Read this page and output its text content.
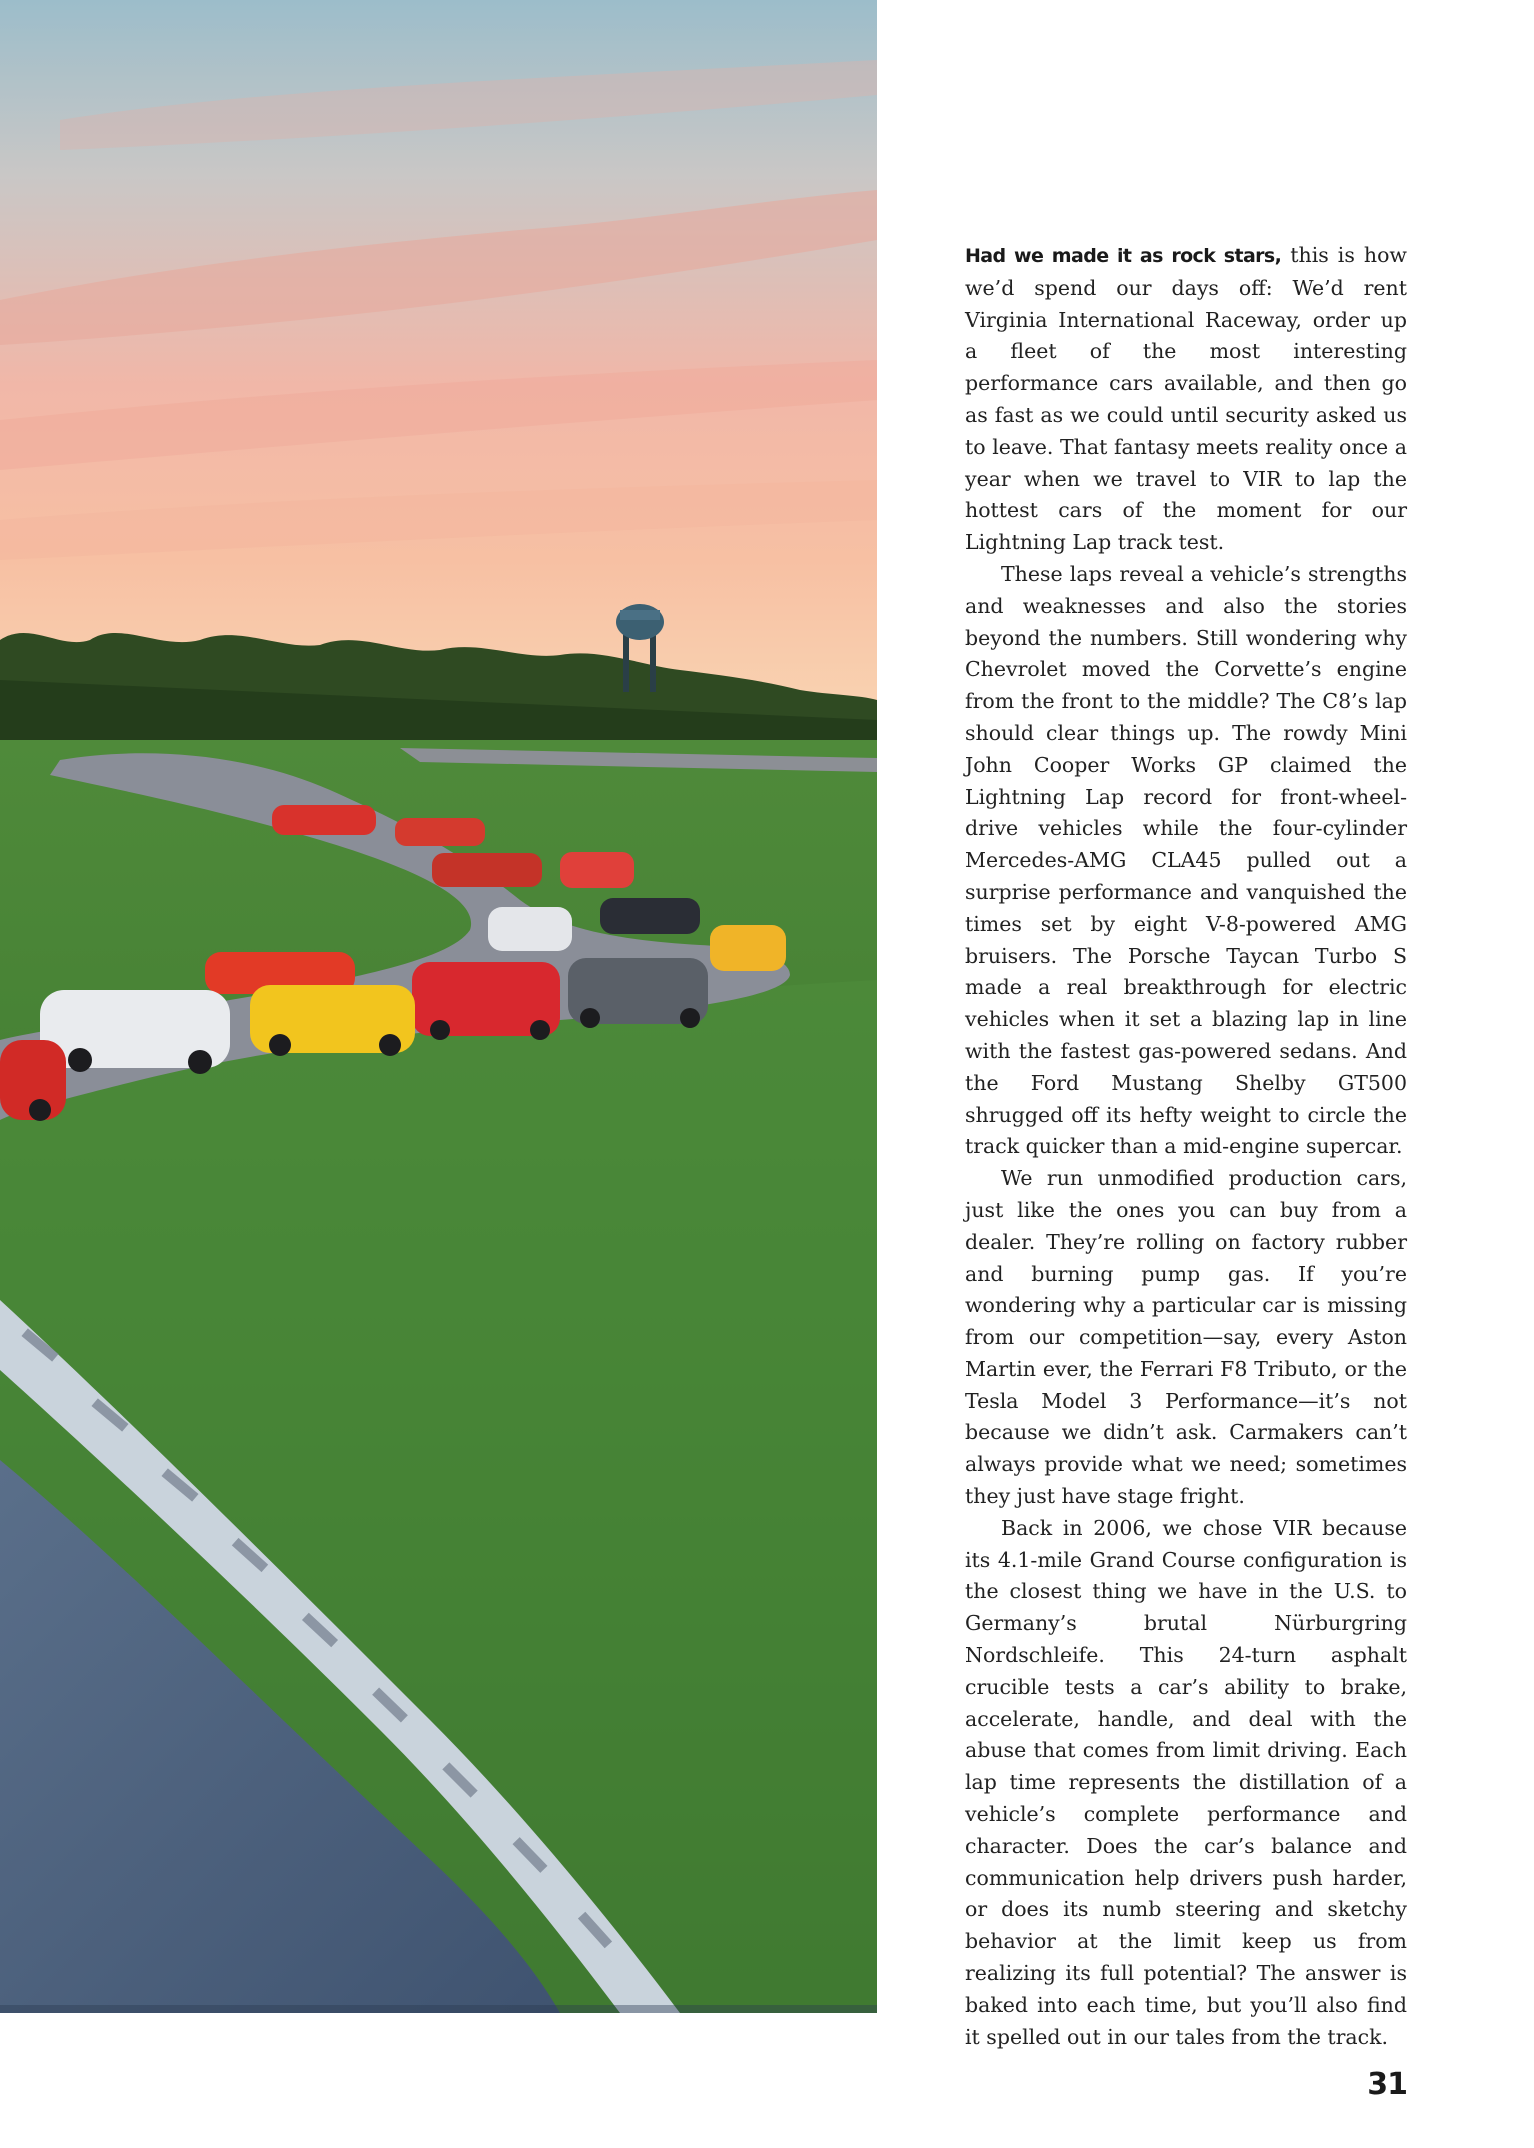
Had we made it as rock stars, this is how we’d spend our days off: We’d rent Virginia International Raceway, order up a fleet of the most interesting performance cars available, and then go as fast as we could until security asked us to leave. That fantasy meets reality once a year when we travel to VIR to lap the hottest cars of the moment for our Lightning Lap track test.

These laps reveal a vehicle’s strengths and weaknesses and also the stories beyond the numbers. Still wondering why Chevrolet moved the Corvette’s engine from the front to the middle? The C8’s lap should clear things up. The rowdy Mini John Cooper Works GP claimed the Lightning Lap record for front-wheel-drive vehicles while the four-cylinder Mercedes-AMG CLA45 pulled out a surprise performance and vanquished the times set by eight V-8-powered AMG bruisers. The Porsche Taycan Turbo S made a real breakthrough for electric vehicles when it set a blazing lap in line with the fastest gas-powered sedans. And the Ford Mustang Shelby GT500 shrugged off its hefty weight to circle the track quicker than a mid-engine supercar.

We run unmodified production cars, just like the ones you can buy from a dealer. They’re rolling on factory rubber and burning pump gas. If you’re wondering why a particular car is missing from our competition—say, every Aston Martin ever, the Ferrari F8 Tributo, or the Tesla Model 3 Performance—it’s not because we didn’t ask. Carmakers can’t always provide what we need; sometimes they just have stage fright.

Back in 2006, we chose VIR because its 4.1-mile Grand Course configuration is the closest thing we have in the U.S. to Germany’s brutal Nürburgring Nordschleife. This 24-turn asphalt crucible tests a car’s ability to brake, accelerate, handle, and deal with the abuse that comes from limit driving. Each lap time represents the distillation of a vehicle’s complete performance and character. Does the car’s balance and communication help drivers push harder, or does its numb steering and sketchy behavior at the limit keep us from realizing its full potential? The answer is baked into each time, but you’ll also find it spelled out in our tales from the track.

31
